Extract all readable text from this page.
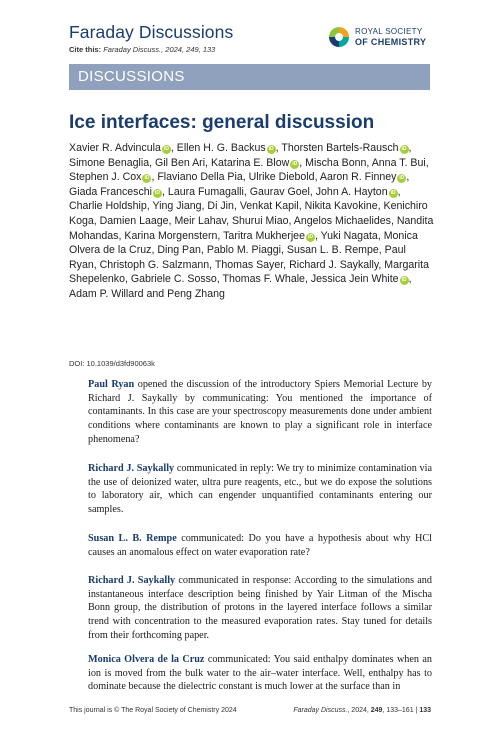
Faraday Discussions
Cite this: Faraday Discuss., 2024, 249, 133
ROYAL SOCIETY
OF CHEMISTRY
DISCUSSIONS
Ice interfaces: general discussion
Xavier R. Advincula iD , Ellen H. G. Backus iD , Thorsten Bartels-Rausch iD , Simone Benaglia, Gil Ben Ari, Katarina E. Blow iD , Mischa Bonn, Anna T. Bui, Stephen J. Cox iD , Flaviano Della Pia, Ulrike Diebold, Aaron R. Finney iD , Giada Franceschi iD , Laura Fumagalli, Gaurav Goel, John A. Hayton iD , Charlie Holdship, Ying Jiang, Di Jin, Venkat Kapil, Nikita Kavokine, Kenichiro Koga, Damien Laage, Meir Lahav, Shurui Miao, Angelos Michaelides, Nandita Mohandas, Karina Morgenstern, Taritra Mukherjee iD , Yuki Nagata, Monica Olvera de la Cruz, Ding Pan, Pablo M. Piaggi, Susan L. B. Rempe, Paul Ryan, Christoph G. Salzmann, Thomas Sayer, Richard J. Saykally, Margarita Shepelenko, Gabriele C. Sosso, Thomas F. Whale, Jessica Jein White iD , Adam P. Willard and Peng Zhang
DOI: 10.1039/d3fd90063k
Paul Ryan opened the discussion of the introductory Spiers Memorial Lecture by Richard J. Saykally by communicating: You mentioned the importance of contaminants. In this case are your spectroscopy measurements done under ambient conditions where contaminants are known to play a significant role in interface phenomena?
Richard J. Saykally communicated in reply: We try to minimize contamination via the use of deionized water, ultra pure reagents, etc., but we do expose the solutions to laboratory air, which can engender unquantified contaminants entering our samples.
Susan L. B. Rempe communicated: Do you have a hypothesis about why HCl causes an anomalous effect on water evaporation rate?
Richard J. Saykally communicated in response: According to the simulations and instantaneous interface description being finished by Yair Litman of the Mischa Bonn group, the distribution of protons in the layered interface follows a similar trend with concentration to the measured evaporation rates. Stay tuned for details from their forthcoming paper.
Monica Olvera de la Cruz communicated: You said enthalpy dominates when an ion is moved from the bulk water to the air–water interface. Well, enthalpy has to dominate because the dielectric constant is much lower at the surface than in
This journal is © The Royal Society of Chemistry 2024	Faraday Discuss., 2024, 249, 133–161 | 133
